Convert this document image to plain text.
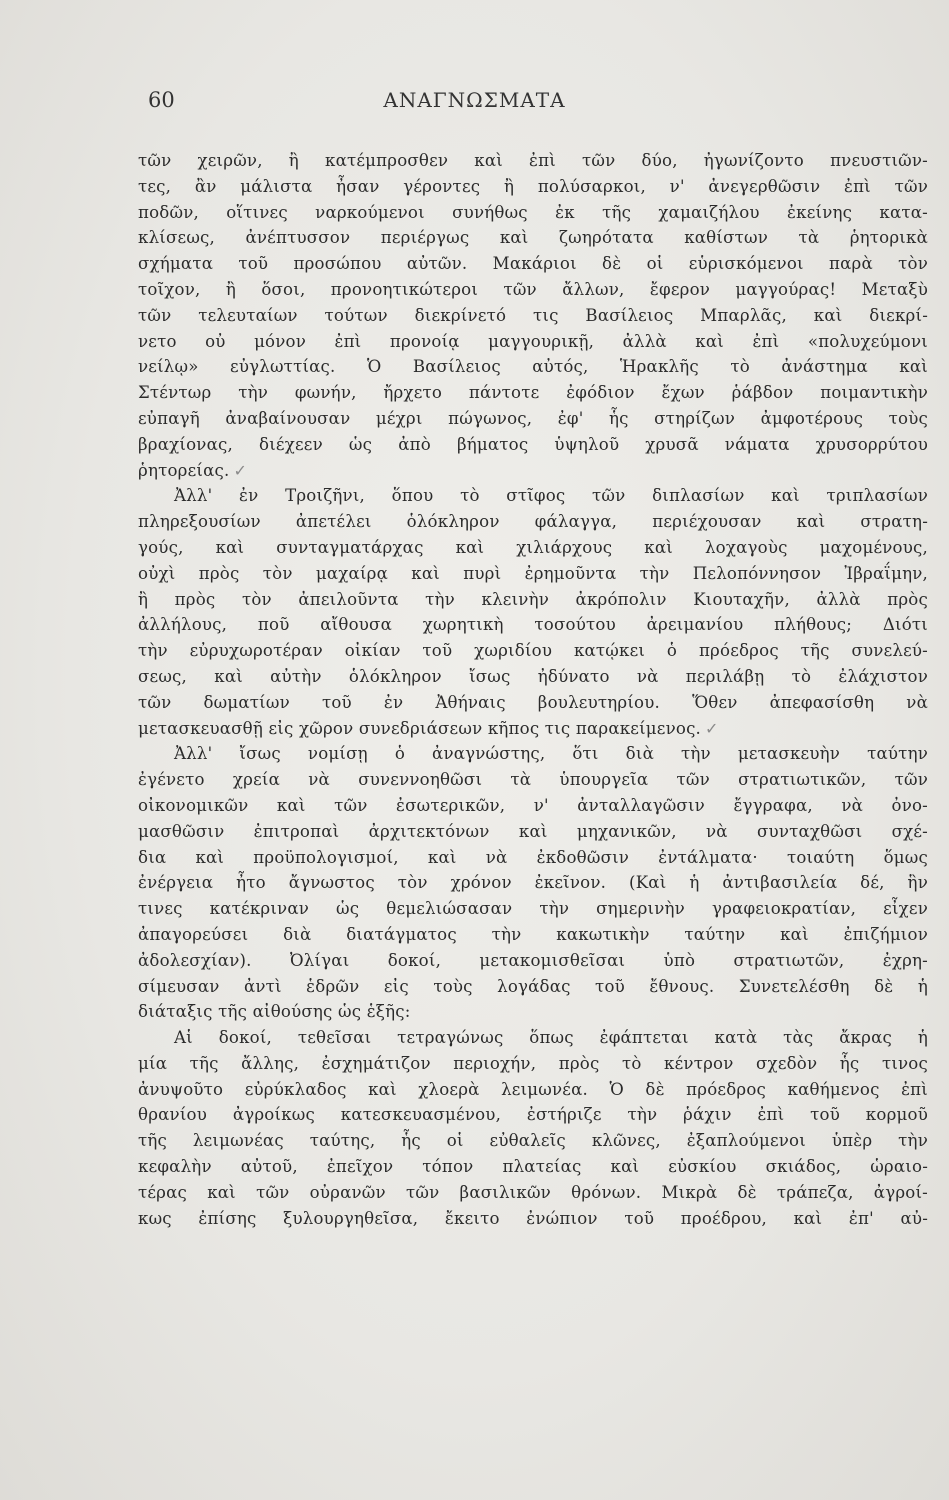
60	ΑΝΑΓΝΩΣΜΑΤΑ
τῶν χειρῶν, ἢ κατέμπροσθεν καὶ ἐπὶ τῶν δύο, ἠγωνίζοντο πνευστιῶν-
τες, ἂν μάλιστα ἦσαν γέροντες ἢ πολύσαρκοι, ν' ἀνεγερθῶσιν ἐπὶ τῶν
ποδῶν, οἵτινες ναρκούμενοι συνήθως ἐκ τῆς χαμαιζήλου ἐκείνης κατα-
κλίσεως, ἀνέπτυσσον περιέργως καὶ ζωηρότατα καθίστων τὰ ῥητορικὰ
σχήματα τοῦ προσώπου αὐτῶν. Μακάριοι δὲ οἱ εὑρισκόμενοι παρὰ τὸν
τοῖχον, ἢ ὅσοι, προνοητικώτεροι τῶν ἄλλων, ἔφερον μαγγούρας! Μεταξὺ
τῶν τελευταίων τούτων διεκρίνετό τις Βασίλειος Μπαρλᾶς, καὶ διεκρί-
νετο οὐ μόνον ἐπὶ προνοίᾳ μαγγουρικῇ, ἀλλὰ καὶ ἐπὶ «πολυχεύμονι
νείλῳ» εὐγλωττίας. Ὁ Βασίλειος αὐτός, Ἡρακλῆς τὸ ἀνάστημα καὶ
Στέντωρ τὴν φωνήν, ἤρχετο πάντοτε ἐφόδιον ἔχων ῥάβδον ποιμαντικὴν
εὐπαγῆ ἀναβαίνουσαν μέχρι πώγωνος, ἐφ' ἧς στηρίζων ἀμφοτέρους τοὺς
βραχίονας, διέχεεν ὡς ἀπὸ βήματος ὑψηλοῦ χρυσᾶ νάματα χρυσορρύτου
ῥητορείας. ✓
Ἀλλ' ἐν Τροιζῆνι, ὅπου τὸ στῖφος τῶν διπλασίων καὶ τριπλασίων
πληρεξουσίων ἀπετέλει ὁλόκληρον φάλαγγα, περιέχουσαν καὶ στρατη-
γούς, καὶ συνταγματάρχας καὶ χιλιάρχους καὶ λοχαγοὺς μαχομένους,
οὐχὶ πρὸς τὸν μαχαίρᾳ καὶ πυρὶ ἐρημοῦντα τὴν Πελοπόννησον Ἰβραΐμην,
ἢ πρὸς τὸν ἀπειλοῦντα τὴν κλεινὴν ἀκρόπολιν Κιουταχῆν, ἀλλὰ πρὸς
ἀλλήλους, ποῦ αἴθουσα χωρητικὴ τοσούτου ἀρειμανίου πλήθους; Διότι
τὴν εὐρυχωροτέραν οἰκίαν τοῦ χωριδίου κατῴκει ὁ πρόεδρος τῆς συνελεύ-
σεως, καὶ αὐτὴν ὁλόκληρον ἴσως ἠδύνατο νὰ περιλάβῃ τὸ ἐλάχιστον
τῶν δωματίων τοῦ ἐν Ἀθήναις βουλευτηρίου. Ὅθεν ἀπεφασίσθη νὰ
μετασκευασθῇ εἰς χῶρον συνεδριάσεων κῆπος τις παρακείμενος. ✓
Ἀλλ' ἴσως νομίσῃ ὁ ἀναγνώστης, ὅτι διὰ τὴν μετασκευὴν ταύτην
ἐγένετο χρεία νὰ συνεννοηθῶσι τὰ ὑπουργεῖα τῶν στρατιωτικῶν, τῶν
οἰκονομικῶν καὶ τῶν ἐσωτερικῶν, ν' ἀνταλλαγῶσιν ἔγγραφα, νὰ ὀνο-
μασθῶσιν ἐπιτροπαὶ ἀρχιτεκτόνων καὶ μηχανικῶν, νὰ συνταχθῶσι σχέ-
δια καὶ προϋπολογισμοί, καὶ νὰ ἐκδοθῶσιν ἐντάλματα· τοιαύτη ὅμως
ἐνέργεια ἦτο ἄγνωστος τὸν χρόνον ἐκεῖνον. (Καὶ ἡ ἀντιβασιλεία δέ, ἣν
τινες κατέκριναν ὡς θεμελιώσασαν τὴν σημερινὴν γραφειοκρατίαν, εἶχεν
ἀπαγορεύσει διὰ διατάγματος τὴν κακωτικὴν ταύτην καὶ ἐπιζήμιον
ἀδολεσχίαν). Ὀλίγαι δοκοί, μετακομισθεῖσαι ὑπὸ στρατιωτῶν, ἐχρη-
σίμευσαν ἀντὶ ἑδρῶν εἰς τοὺς λογάδας τοῦ ἔθνους. Συνετελέσθη δὲ ἡ
διάταξις τῆς αἰθούσης ὡς ἑξῆς:
Αἱ δοκοί, τεθεῖσαι τετραγώνως ὅπως ἐφάπτεται κατὰ τὰς ἄκρας ἡ
μία τῆς ἄλλης, ἐσχημάτιζον περιοχήν, πρὸς τὸ κέντρον σχεδὸν ἧς τινος
ἀνυψοῦτο εὐρύκλαδος καὶ χλοερὰ λειμωνέα. Ὁ δὲ πρόεδρος καθήμενος ἐπὶ
θρανίου ἀγροίκως κατεσκευασμένου, ἐστήριζε τὴν ῥάχιν ἐπὶ τοῦ κορμοῦ
τῆς λειμωνέας ταύτης, ἧς οἱ εὐθαλεῖς κλῶνες, ἐξαπλούμενοι ὑπὲρ τὴν
κεφαλὴν αὐτοῦ, ἐπεῖχον τόπον πλατείας καὶ εὐσκίου σκιάδος, ὡραιο-
τέρας καὶ τῶν οὐρανῶν τῶν βασιλικῶν θρόνων. Μικρὰ δὲ τράπεζα, ἀγροί-
κως ἐπίσης ξυλουργηθεῖσα, ἔκειτο ἐνώπιον τοῦ προέδρου, καὶ ἐπ' αὐ-
